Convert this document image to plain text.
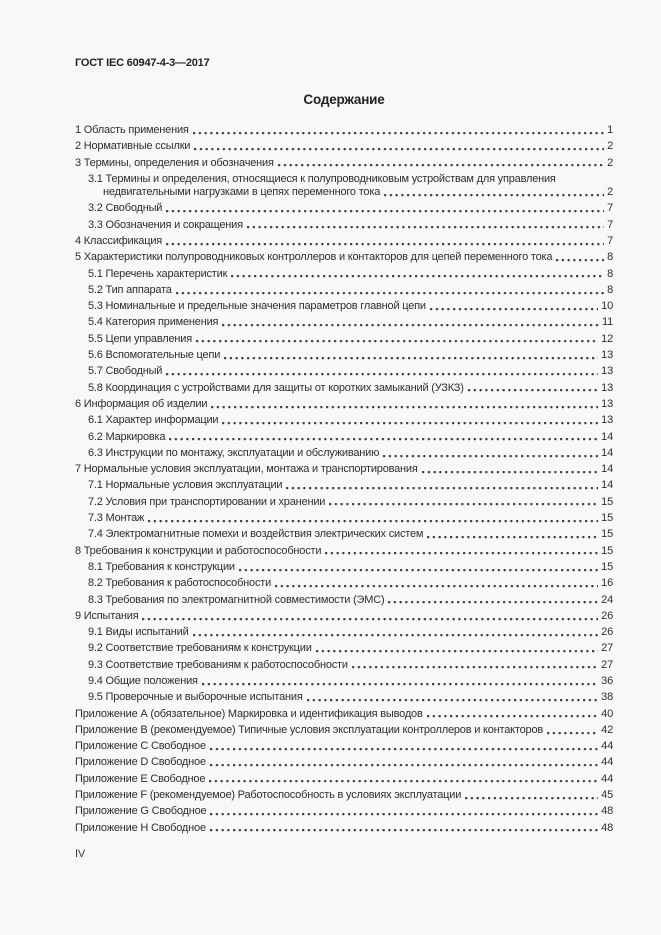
ГОСТ IEC 60947-4-3—2017
Содержание
1 Область применения	1
2 Нормативные ссылки	2
3 Термины, определения и обозначения	2
3.1 Термины и определения, относящиеся к полупроводниковым устройствам для управления
недвигательными нагрузками в цепях переменного тока	2
3.2 Свободный	7
3.3 Обозначения и сокращения	7
4 Классификация	7
5 Характеристики полупроводниковых контроллеров и контакторов для цепей переменного тока	8
5.1 Перечень характеристик	8
5.2 Тип аппарата	8
5.3 Номинальные и предельные значения параметров главной цепи	10
5.4 Категория применения	11
5.5 Цепи управления	12
5.6 Вспомогательные цепи	13
5.7 Свободный	13
5.8 Координация с устройствами для защиты от коротких замыканий (УЗКЗ)	13
6 Информация об изделии	13
6.1 Характер информации	13
6.2 Маркировка	14
6.3 Инструкции по монтажу, эксплуатации и обслуживанию	14
7 Нормальные условия эксплуатации, монтажа и транспортирования	14
7.1 Нормальные условия эксплуатации	14
7.2 Условия при транспортировании и хранении	15
7.3 Монтаж	15
7.4 Электромагнитные помехи и воздействия электрических систем	15
8 Требования к конструкции и работоспособности	15
8.1 Требования к конструкции	15
8.2 Требования к работоспособности	16
8.3 Требования по электромагнитной совместимости (ЭМС)	24
9 Испытания	26
9.1 Виды испытаний	26
9.2 Соответствие требованиям к конструкции	27
9.3 Соответствие требованиям к работоспособности	27
9.4 Общие положения	36
9.5 Проверочные и выборочные испытания	38
Приложение А (обязательное) Маркировка и идентификация выводов	40
Приложение В (рекомендуемое) Типичные условия эксплуатации контроллеров и контакторов	42
Приложение С Свободное	44
Приложение D Свободное	44
Приложение Е Свободное	44
Приложение F (рекомендуемое) Работоспособность в условиях эксплуатации	45
Приложение G Свободное	48
Приложение Н Свободное	48
IV
